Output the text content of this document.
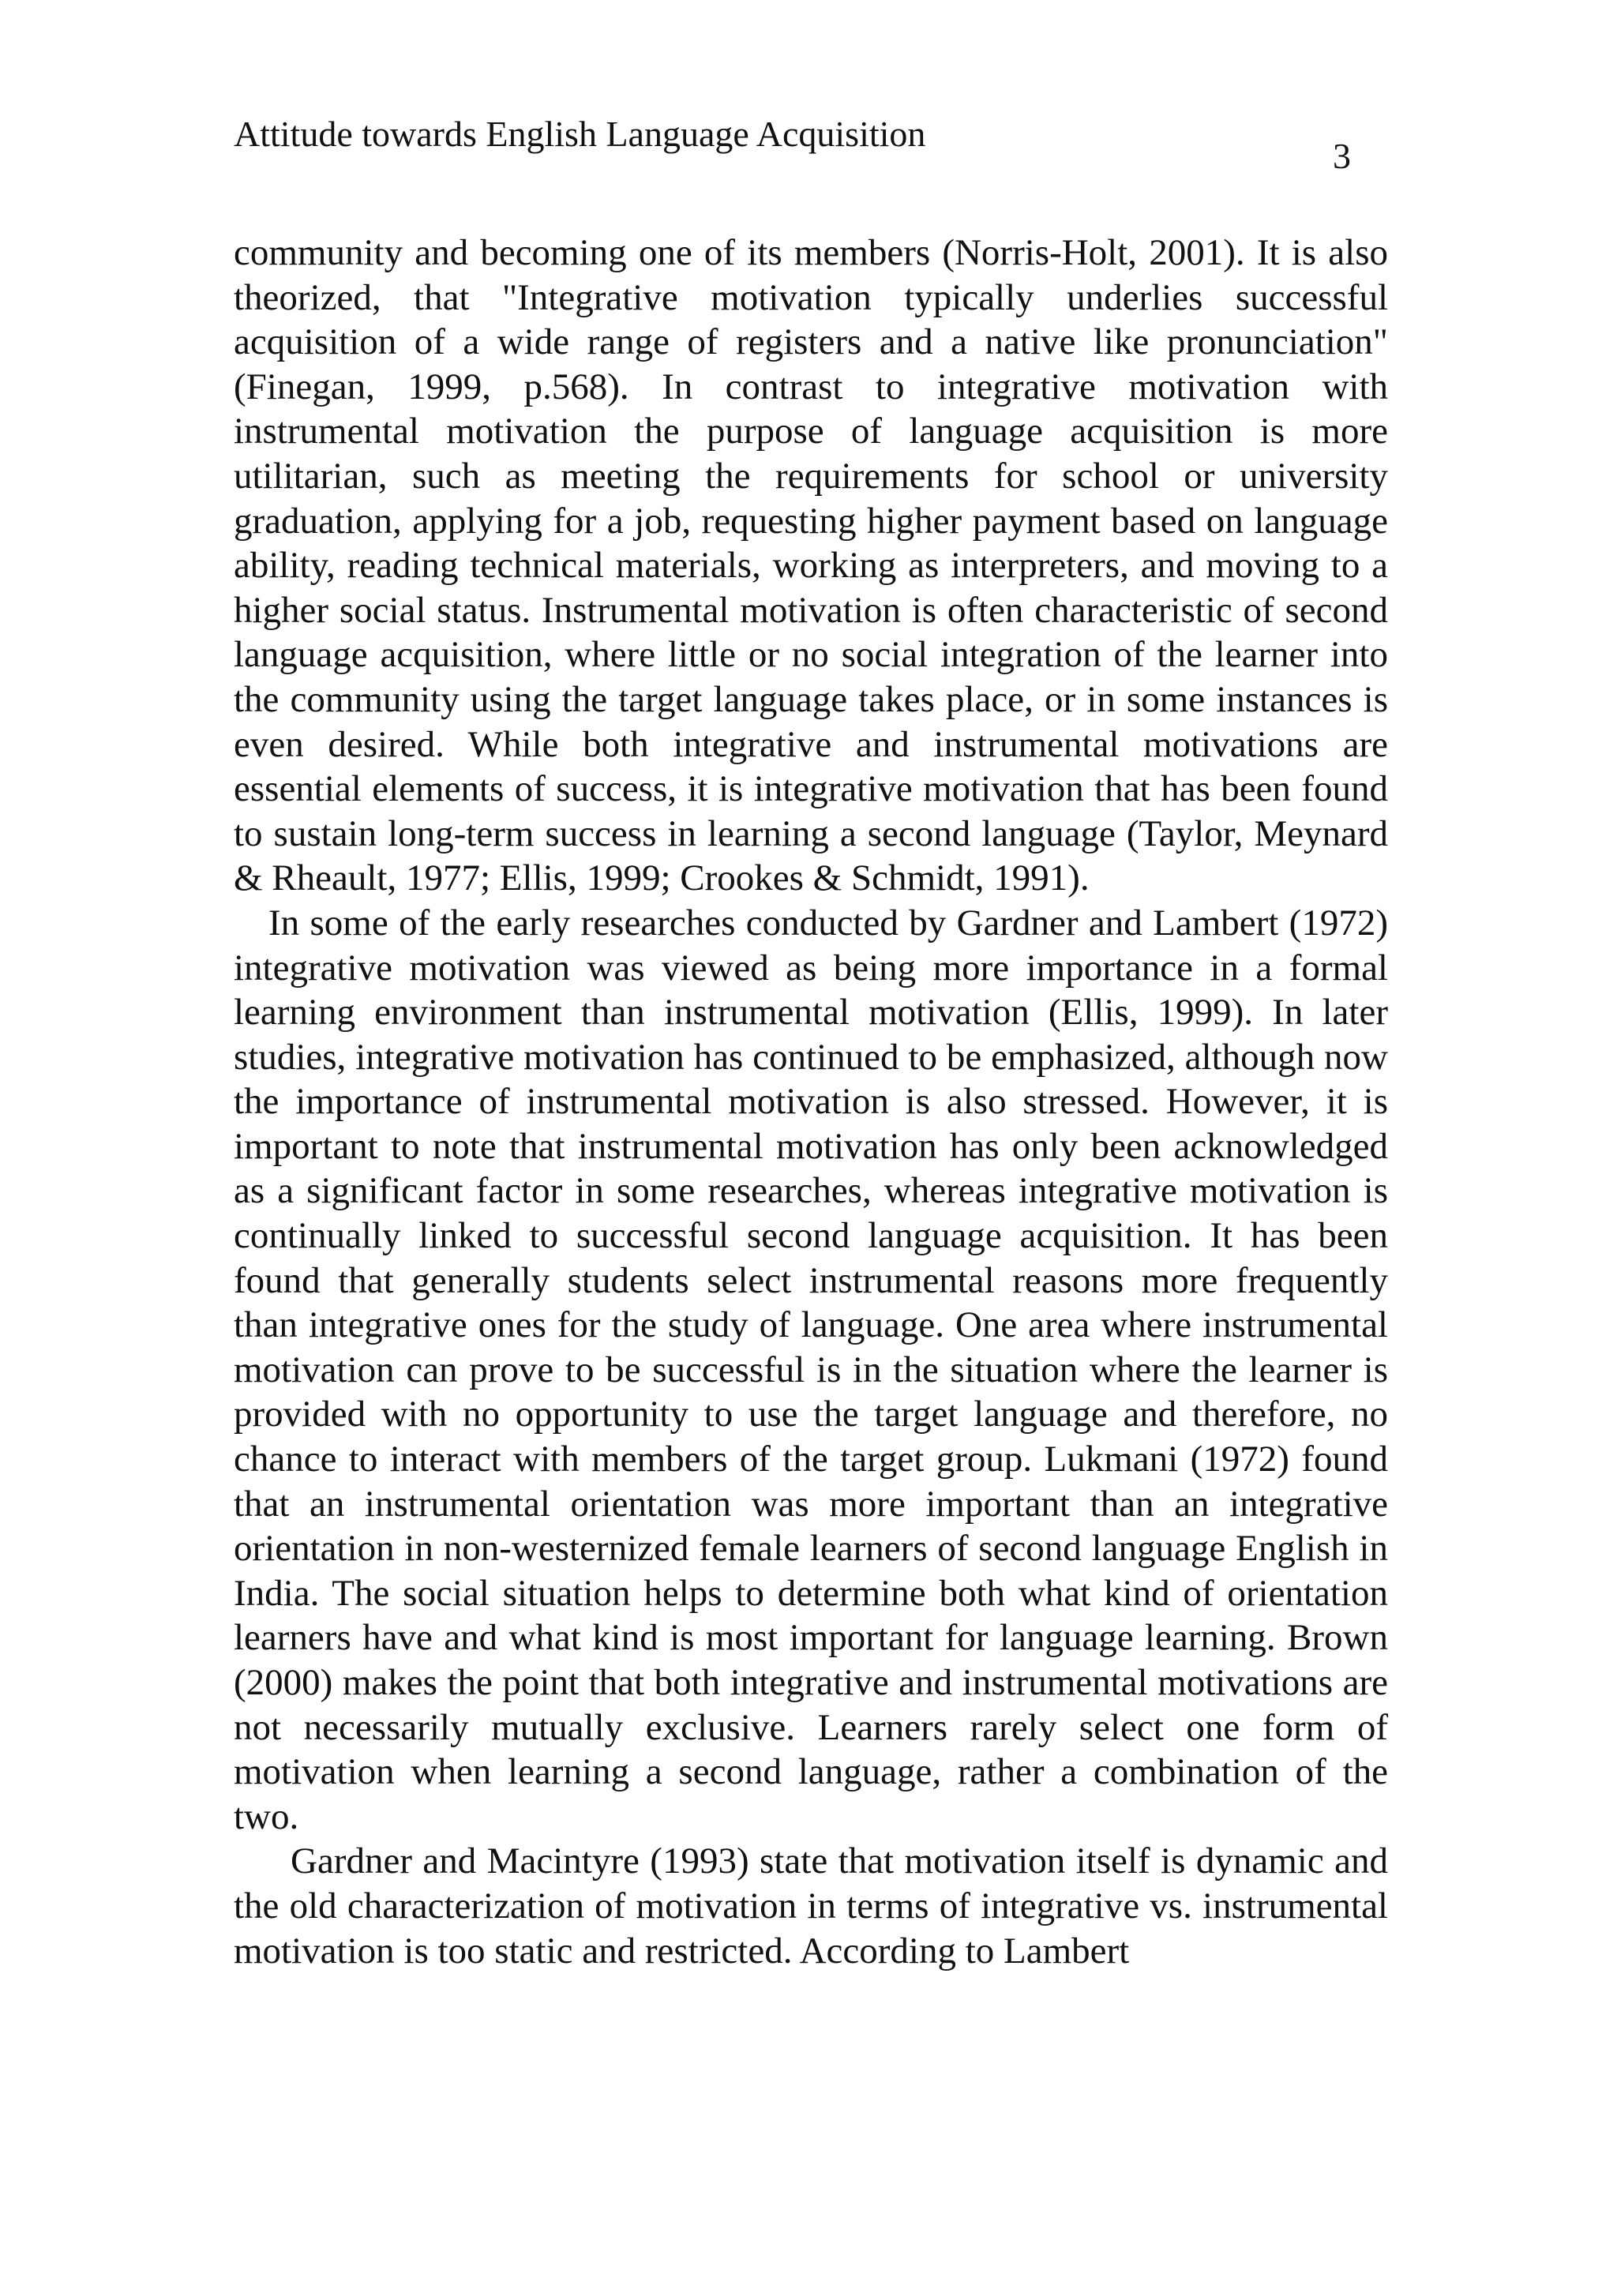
Attitude towards English Language Acquisition
3

community and becoming one of its members (Norris-Holt, 2001). It is also theorized, that "Integrative motivation typically underlies successful acquisition of a wide range of registers and a native like pronunciation" (Finegan, 1999, p.568). In contrast to integrative motivation with instrumental motivation the purpose of language acquisition is more utilitarian, such as meeting the requirements for school or university graduation, applying for a job, requesting higher payment based on language ability, reading technical materials, working as interpreters, and moving to a higher social status. Instrumental motivation is often characteristic of second language acquisition, where little or no social integration of the learner into the community using the target language takes place, or in some instances is even desired. While both integrative and instrumental motivations are essential elements of success, it is integrative motivation that has been found to sustain long-term success in learning a second language (Taylor, Meynard & Rheault, 1977; Ellis, 1999; Crookes & Schmidt, 1991).

In some of the early researches conducted by Gardner and Lambert (1972) integrative motivation was viewed as being more importance in a formal learning environment than instrumental motivation (Ellis, 1999). In later studies, integrative motivation has continued to be emphasized, although now the importance of instrumental motivation is also stressed. However, it is important to note that instrumental motivation has only been acknowledged as a significant factor in some researches, whereas integrative motivation is continually linked to successful second language acquisition. It has been found that generally students select instrumental reasons more frequently than integrative ones for the study of language. One area where instrumental motivation can prove to be successful is in the situation where the learner is provided with no opportunity to use the target language and therefore, no chance to interact with members of the target group. Lukmani (1972) found that an instrumental orientation was more important than an integrative orientation in non-westernized female learners of second language English in India. The social situation helps to determine both what kind of orientation learners have and what kind is most important for language learning. Brown (2000) makes the point that both integrative and instrumental motivations are not necessarily mutually exclusive. Learners rarely select one form of motivation when learning a second language, rather a combination of the two.

Gardner and Macintyre (1993) state that motivation itself is dynamic and the old characterization of motivation in terms of integrative vs. instrumental motivation is too static and restricted. According to Lambert
